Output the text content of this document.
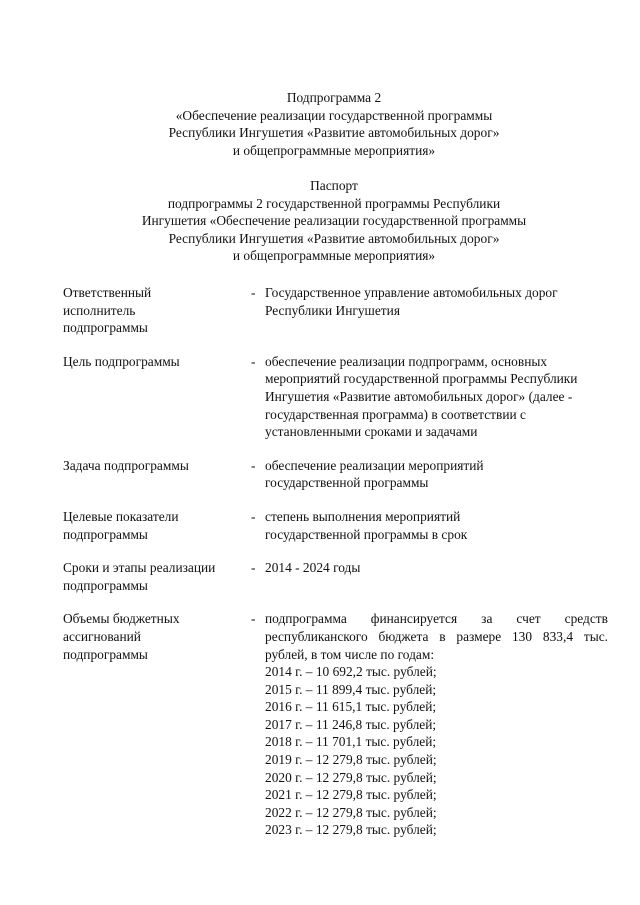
Подпрограмма 2
«Обеспечение реализации государственной программы
Республики Ингушетия «Развитие автомобильных дорог»
и общепрограммные мероприятия»
Паспорт
подпрограммы 2 государственной программы Республики
Ингушетия «Обеспечение реализации государственной программы
Республики Ингушетия «Развитие автомобильных дорог»
и общепрограммные мероприятия»
Ответственный исполнитель подпрограммы
- Государственное управление автомобильных дорог Республики Ингушетия
Цель подпрограммы	- обеспечение реализации подпрограмм, основных мероприятий государственной программы Республики Ингушетия «Развитие автомобильных дорог» (далее - государственная программа) в соответствии с установленными сроками и задачами
Задача подпрограммы	- обеспечение реализации мероприятий государственной программы
Целевые показатели подпрограммы
- степень выполнения мероприятий государственной программы в срок
Сроки и этапы реализации подпрограммы
- 2014 - 2024 годы
Объемы бюджетных ассигнований подпрограммы
- подпрограмма финансируется за счет средств республиканского бюджета в размере 130 833,4 тыс. рублей, в том числе по годам:
2014 г. – 10 692,2 тыс. рублей;
2015 г. – 11 899,4 тыс. рублей;
2016 г. – 11 615,1 тыс. рублей;
2017 г. – 11 246,8 тыс. рублей;
2018 г. – 11 701,1 тыс. рублей;
2019 г. – 12 279,8 тыс. рублей;
2020 г. – 12 279,8 тыс. рублей;
2021 г. – 12 279,8 тыс. рублей;
2022 г. – 12 279,8 тыс. рублей;
2023 г. – 12 279,8 тыс. рублей;
